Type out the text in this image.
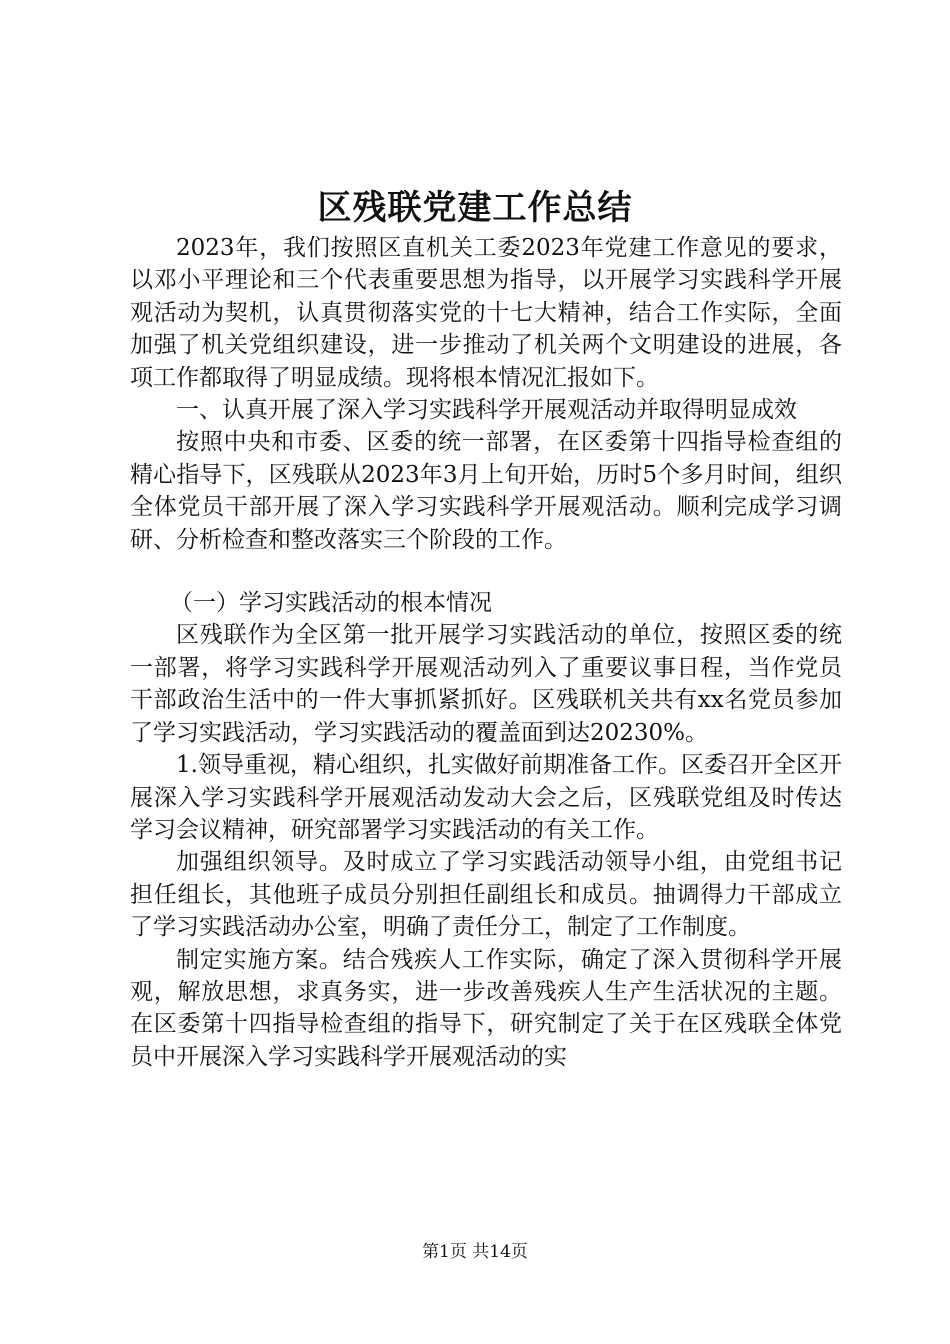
区残联党建工作总结

2023年，我们按照区直机关工委2023年党建工作意见的要求，以邓小平理论和三个代表重要思想为指导，以开展学习实践科学开展观活动为契机，认真贯彻落实党的十七大精神，结合工作实际，全面加强了机关党组织建设，进一步推动了机关两个文明建设的进展，各项工作都取得了明显成绩。现将根本情况汇报如下。

一、认真开展了深入学习实践科学开展观活动并取得明显成效

按照中央和市委、区委的统一部署，在区委第十四指导检查组的精心指导下，区残联从2023年3月上旬开始，历时5个多月时间，组织全体党员干部开展了深入学习实践科学开展观活动。顺利完成学习调研、分析检查和整改落实三个阶段的工作。

（一）学习实践活动的根本情况

区残联作为全区第一批开展学习实践活动的单位，按照区委的统一部署，将学习实践科学开展观活动列入了重要议事日程，当作党员干部政治生活中的一件大事抓紧抓好。区残联机关共有xx名党员参加了学习实践活动，学习实践活动的覆盖面到达20230%。

1.领导重视，精心组织，扎实做好前期准备工作。区委召开全区开展深入学习实践科学开展观活动发动大会之后，区残联党组及时传达学习会议精神，研究部署学习实践活动的有关工作。

加强组织领导。及时成立了学习实践活动领导小组，由党组书记担任组长，其他班子成员分别担任副组长和成员。抽调得力干部成立了学习实践活动办公室，明确了责任分工，制定了工作制度。

制定实施方案。结合残疾人工作实际，确定了深入贯彻科学开展观，解放思想，求真务实，进一步改善残疾人生产生活状况的主题。在区委第十四指导检查组的指导下，研究制定了关于在区残联全体党员中开展深入学习实践科学开展观活动的实

第1页 共14页
